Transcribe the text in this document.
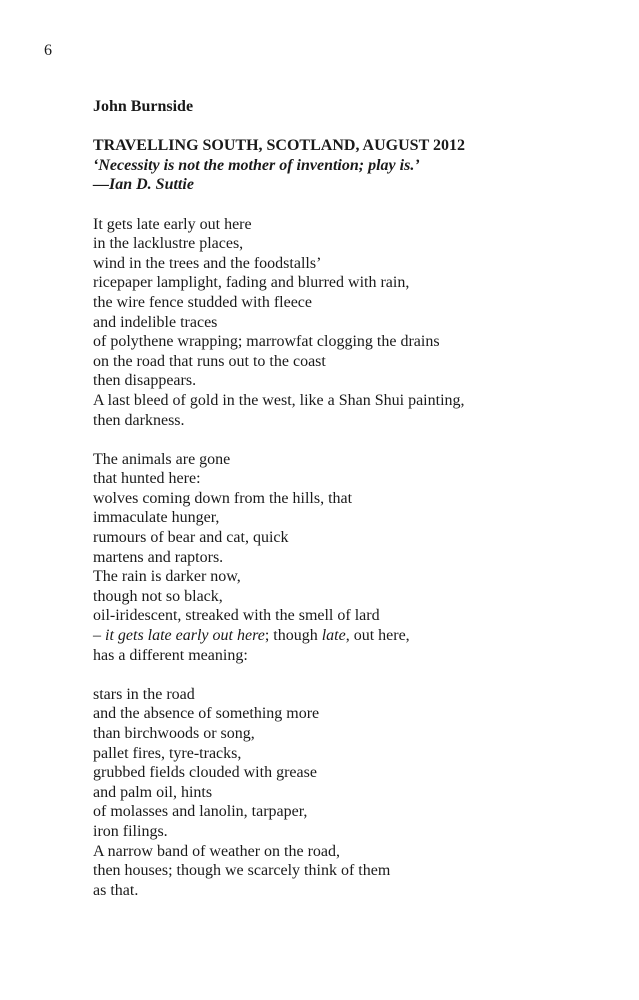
6
John Burnside
TRAVELLING SOUTH, SCOTLAND, AUGUST 2012
‘Necessity is not the mother of invention; play is.’
—Ian D. Suttie
It gets late early out here
in the lacklustre places,
wind in the trees and the foodstalls’
ricepaper lamplight, fading and blurred with rain,
the wire fence studded with fleece
and indelible traces
of polythene wrapping; marrowfat clogging the drains
on the road that runs out to the coast
then disappears.
A last bleed of gold in the west, like a Shan Shui painting,
then darkness.
The animals are gone
that hunted here:
wolves coming down from the hills, that
immaculate hunger,
rumours of bear and cat, quick
martens and raptors.
The rain is darker now,
though not so black,
oil-iridescent, streaked with the smell of lard
– it gets late early out here; though late, out here,
has a different meaning:
stars in the road
and the absence of something more
than birchwoods or song,
pallet fires, tyre-tracks,
grubbed fields clouded with grease
and palm oil, hints
of molasses and lanolin, tarpaper,
iron filings.
A narrow band of weather on the road,
then houses; though we scarcely think of them
as that.
